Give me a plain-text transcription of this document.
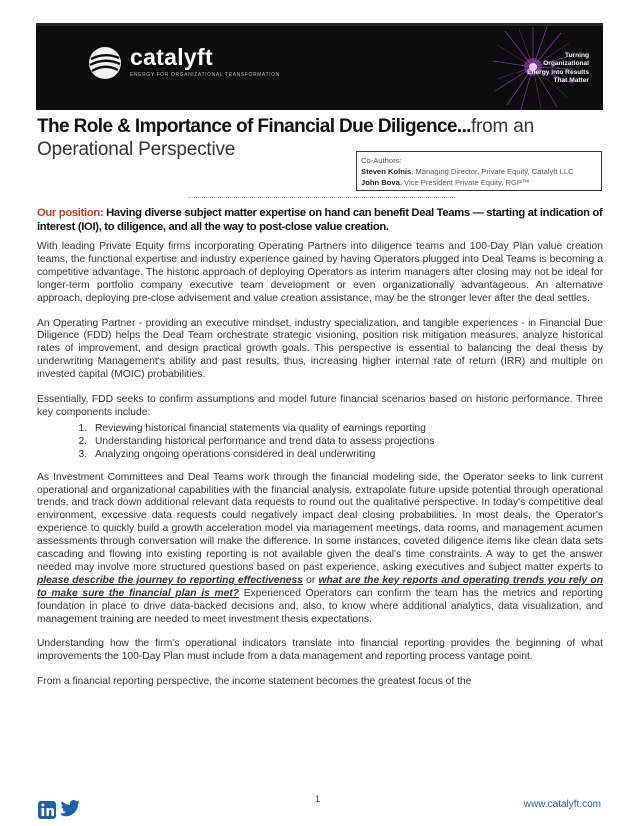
catalyft
ENERGY FOR ORGANIZATIONAL TRANSFORMATION
Turning
Organizational
Energy into Results
That Matter
The Role & Importance of Financial Due Diligence...from an Operational Perspective
Co-Authors:
Steven Kolnis, Managing Director, Private Equity, Catalyft LLC
John Bova, Vice President Private Equity, RGP™

Our position: Having diverse subject matter expertise on hand can benefit Deal Teams — starting at indication of interest (IOI), to diligence, and all the way to post-close value creation.

With leading Private Equity firms incorporating Operating Partners into diligence teams and 100-Day Plan value creation teams, the functional expertise and industry experience gained by having Operators plugged into Deal Teams is becoming a competitive advantage. The historic approach of deploying Operators as interim managers after closing may not be ideal for longer-term portfolio company executive team development or even organizationally advantageous. An alternative approach, deploying pre-close advisement and value creation assistance, may be the stronger lever after the deal settles.

An Operating Partner - providing an executive mindset, industry specialization, and tangible experiences - in Financial Due Diligence (FDD) helps the Deal Team orchestrate strategic visioning, position risk mitigation measures, analyze historical rates of improvement, and design practical growth goals. This perspective is essential to balancing the deal thesis by underwriting Management's ability and past results, thus, increasing higher internal rate of return (IRR) and multiple on invested capital (MOIC) probabilities.

Essentially, FDD seeks to confirm assumptions and model future financial scenarios based on historic performance. Three key components include:

1. Reviewing historical financial statements via quality of earnings reporting
2. Understanding historical performance and trend data to assess projections
3. Analyzing ongoing operations considered in deal underwriting

As Investment Committees and Deal Teams work through the financial modeling side, the Operator seeks to link current operational and organizational capabilities with the financial analysis, extrapolate future upside potential through operational trends, and track down additional relevant data requests to round out the qualitative perspective. In today's competitive deal environment, excessive data requests could negatively impact deal closing probabilities. In most deals, the Operator's experience to quickly build a growth acceleration model via management meetings, data rooms, and management acumen assessments through conversation will make the difference. In some instances, coveted diligence items like clean data sets cascading and flowing into existing reporting is not available given the deal's time constraints. A way to get the answer needed may involve more structured questions based on past experience, asking executives and subject matter experts to please describe the journey to reporting effectiveness or what are the key reports and operating trends you rely on to make sure the financial plan is met? Experienced Operators can confirm the team has the metrics and reporting foundation in place to drive data-backed decisions and, also, to know where additional analytics, data visualization, and management training are needed to meet investment thesis expectations.

Understanding how the firm's operational indicators translate into financial reporting provides the beginning of what improvements the 100-Day Plan must include from a data management and reporting process vantage point.

From a financial reporting perspective, the income statement becomes the greatest focus of the

1	www.catalyft.com
